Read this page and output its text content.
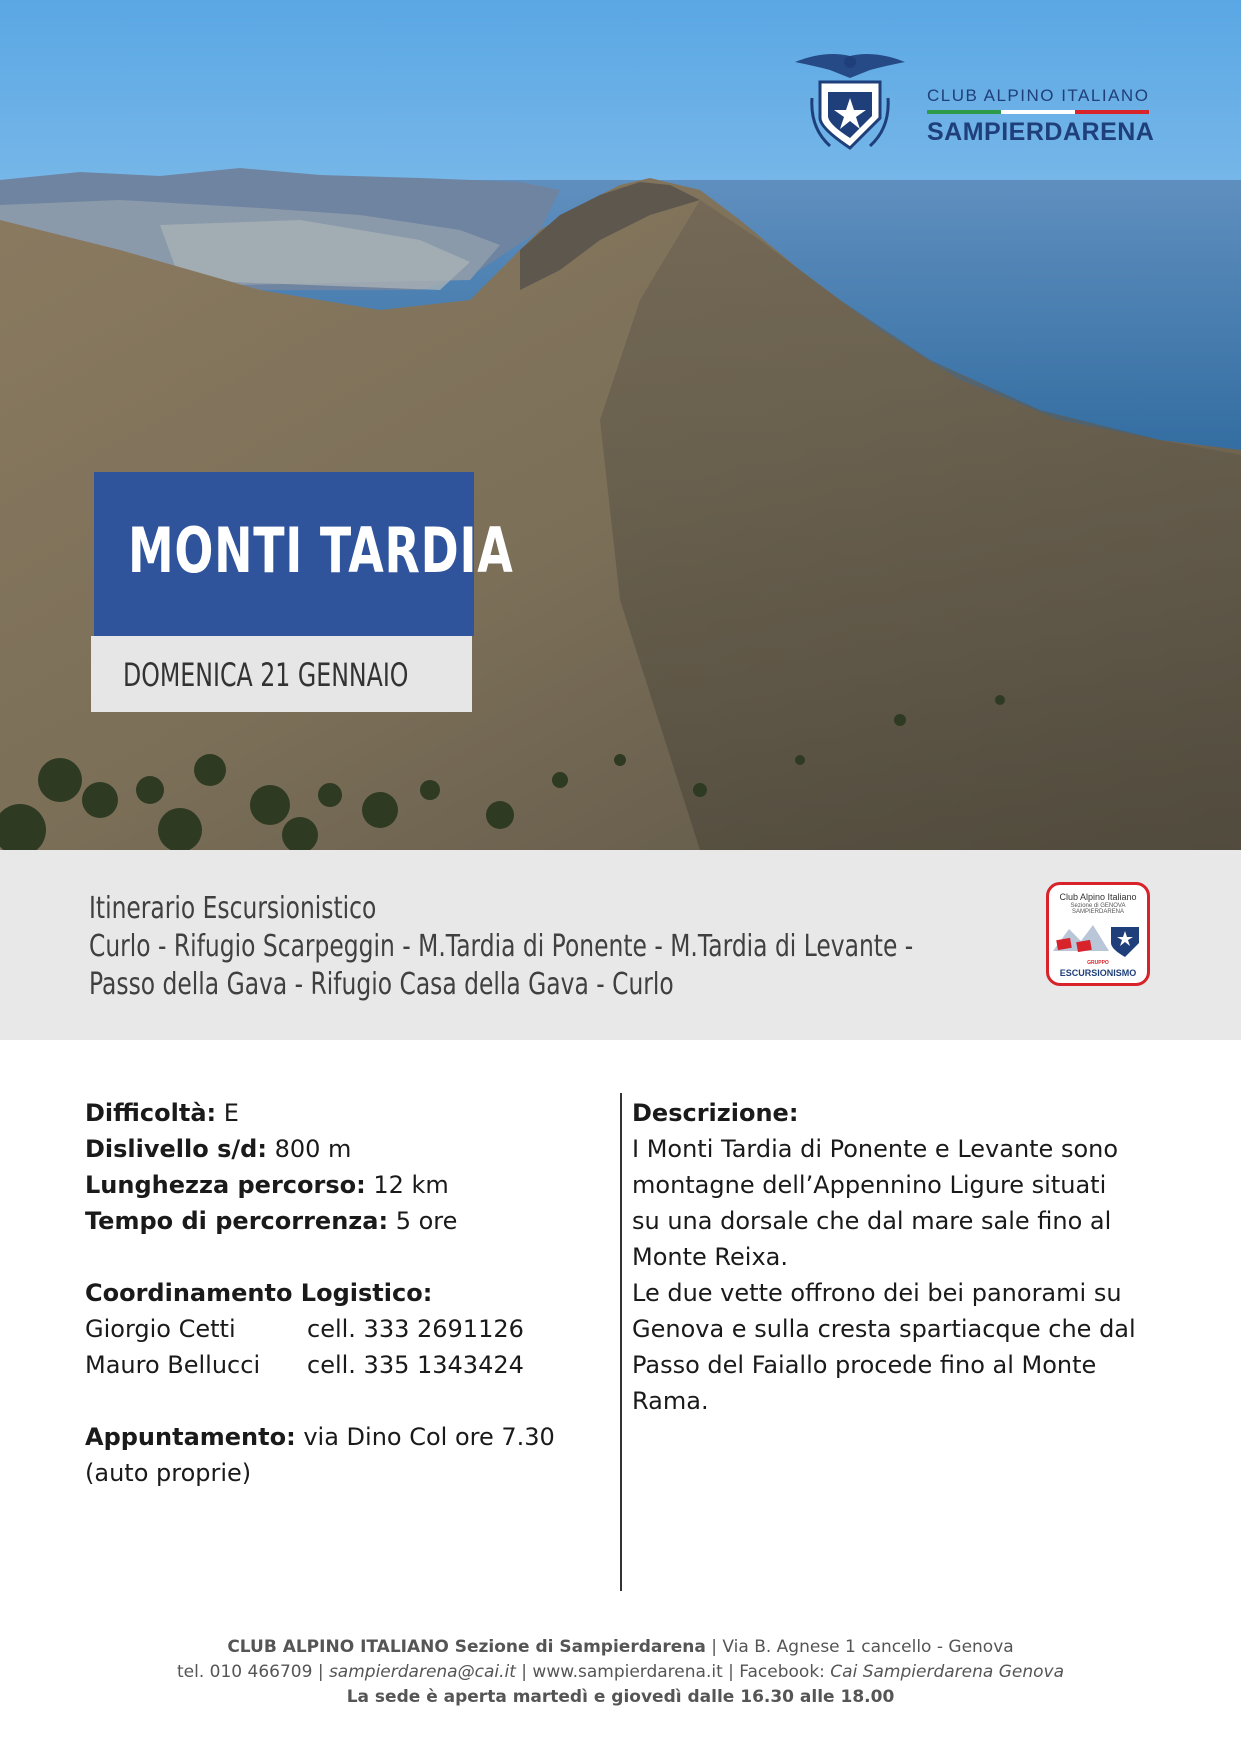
CLUB ALPINO ITALIANO
SAMPIERDARENA
MONTI TARDIA
DOMENICA 21 GENNAIO
Itinerario Escursionistico
Curlo - Rifugio Scarpeggin - M.Tardia di Ponente - M.Tardia di Levante -
Passo della Gava - Rifugio Casa della Gava - Curlo
Club Alpino Italiano
Sezione di GENOVA SAMPIERDARENA
GRUPPO
ESCURSIONISMO
Difficoltà: E
Dislivello s/d: 800 m
Lunghezza percorso: 12 km
Tempo di percorrenza: 5 ore
Coordinamento Logistico:
Giorgio Cetti	cell. 333 2691126
Mauro Bellucci	cell. 335 1343424
Appuntamento: via Dino Col ore 7.30
(auto proprie)
Descrizione:
I Monti Tardia di Ponente e Levante sono
montagne dell’Appennino Ligure situati
su una dorsale che dal mare sale fino al
Monte Reixa.
Le due vette offrono dei bei panorami su
Genova e sulla cresta spartiacque che dal
Passo del Faiallo procede fino al Monte
Rama.
CLUB ALPINO ITALIANO Sezione di Sampierdarena | Via B. Agnese 1 cancello - Genova
tel. 010 466709 | sampierdarena@cai.it | www.sampierdarena.it | Facebook: Cai Sampierdarena Genova
La sede è aperta martedì e giovedì dalle 16.30 alle 18.00
